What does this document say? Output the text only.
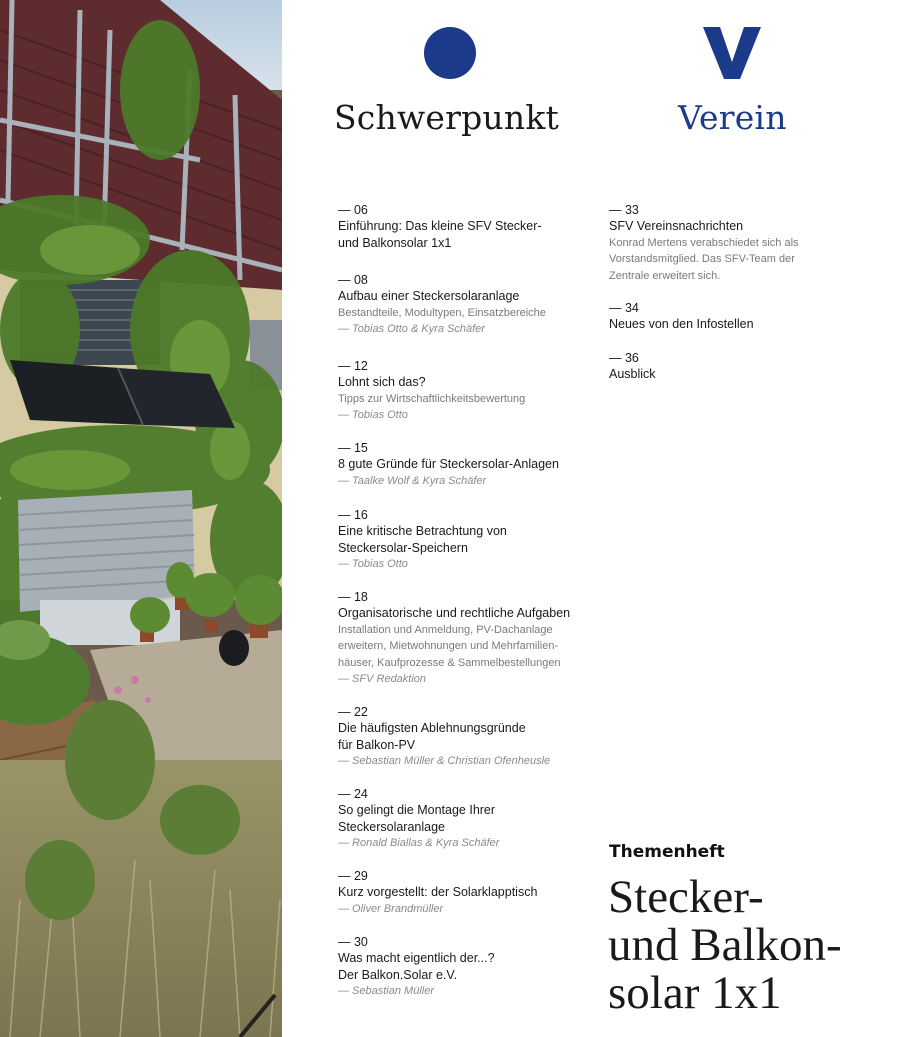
Schwerpunkt
— 06
Einführung: Das kleine SFV Stecker-
und Balkonsolar 1x1
— 08
Aufbau einer Steckersolaranlage
Bestandteile, Modultypen, Einsatzbereiche
— Tobias Otto & Kyra Schäfer
— 12
Lohnt sich das?
Tipps zur Wirtschaftlichkeitsbewertung
— Tobias Otto
— 15
8 gute Gründe für Steckersolar-Anlagen
— Taalke Wolf & Kyra Schäfer
— 16
Eine kritische Betrachtung von
Steckersolar-Speichern
— Tobias Otto
— 18
Organisatorische und rechtliche Aufgaben
Installation und Anmeldung, PV-Dachanlage
erweitern, Mietwohnungen und Mehrfamilien-
häuser, Kaufprozesse & Sammelbestellungen
— SFV Redaktion
— 22
Die häufigsten Ablehnungsgründe
für Balkon-PV
— Sebastian Müller & Christian Ofenheusle
— 24
So gelingt die Montage Ihrer
Steckersolaranlage
— Ronald Biallas & Kyra Schäfer
— 29
Kurz vorgestellt: der Solarklapptisch
— Oliver Brandmüller
— 30
Was macht eigentlich der...?
Der Balkon.Solar e.V.
— Sebastian Müller
Verein
— 33
SFV Vereinsnachrichten
Konrad Mertens verabschiedet sich als
Vorstandsmitglied. Das SFV-Team der
Zentrale erweitert sich.
— 34
Neues von den Infostellen
— 36
Ausblick
Themenheft
Stecker-
und Balkon-
solar 1x1
